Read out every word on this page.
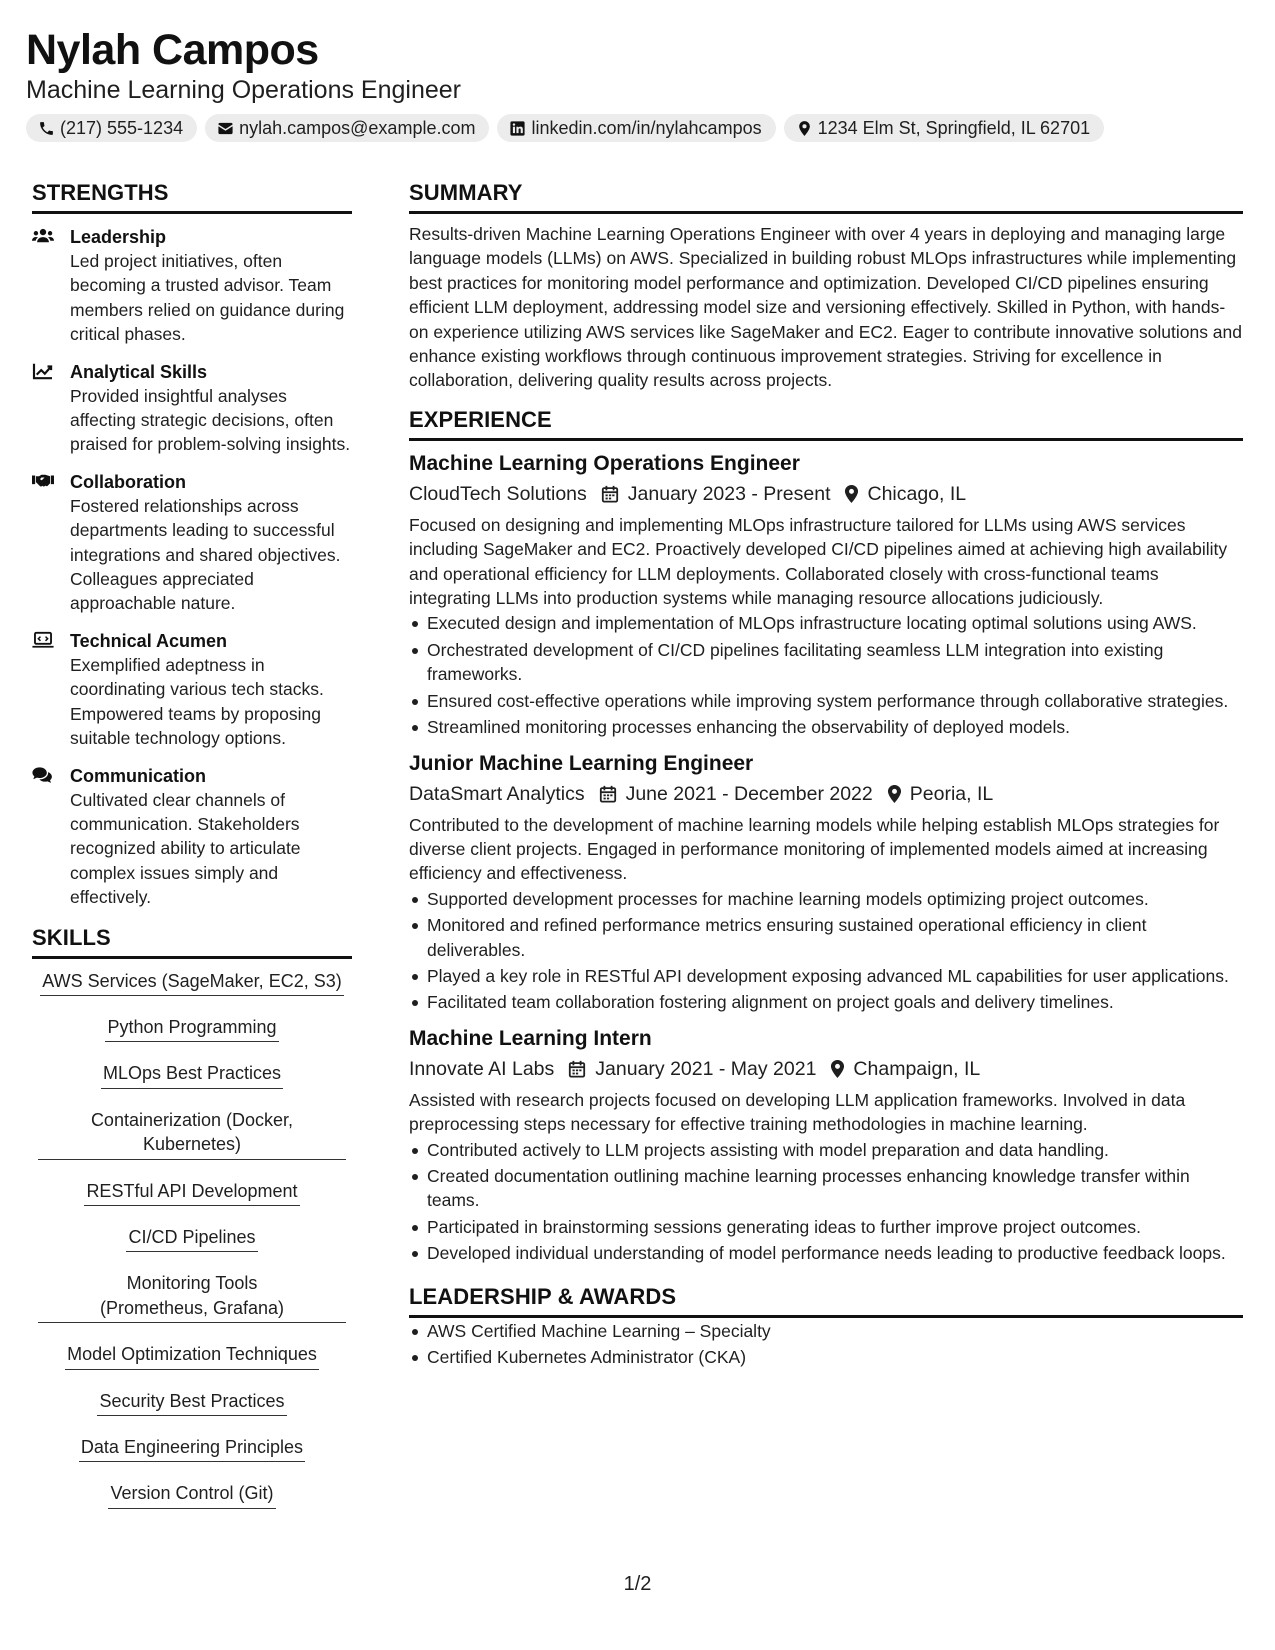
Nylah Campos
Machine Learning Operations Engineer
(217) 555-1234	nylah.campos@example.com	linkedin.com/in/nylahcampos	1234 Elm St, Springfield, IL 62701
STRENGTHS
Leadership
Led project initiatives, often becoming a trusted advisor. Team members relied on guidance during critical phases.
Analytical Skills
Provided insightful analyses affecting strategic decisions, often praised for problem-solving insights.
Collaboration
Fostered relationships across departments leading to successful integrations and shared objectives. Colleagues appreciated approachable nature.
Technical Acumen
Exemplified adeptness in coordinating various tech stacks. Empowered teams by proposing suitable technology options.
Communication
Cultivated clear channels of communication. Stakeholders recognized ability to articulate complex issues simply and effectively.
SKILLS
AWS Services (SageMaker, EC2, S3)
Python Programming
MLOps Best Practices
Containerization (Docker, Kubernetes)
RESTful API Development
CI/CD Pipelines
Monitoring Tools (Prometheus, Grafana)
Model Optimization Techniques
Security Best Practices
Data Engineering Principles
Version Control (Git)
SUMMARY
Results-driven Machine Learning Operations Engineer with over 4 years in deploying and managing large language models (LLMs) on AWS. Specialized in building robust MLOps infrastructures while implementing best practices for monitoring model performance and optimization. Developed CI/CD pipelines ensuring efficient LLM deployment, addressing model size and versioning effectively. Skilled in Python, with hands-on experience utilizing AWS services like SageMaker and EC2. Eager to contribute innovative solutions and enhance existing workflows through continuous improvement strategies. Striving for excellence in collaboration, delivering quality results across projects.
EXPERIENCE
Machine Learning Operations Engineer
CloudTech Solutions January 2023 - Present Chicago, IL
Focused on designing and implementing MLOps infrastructure tailored for LLMs using AWS services including SageMaker and EC2. Proactively developed CI/CD pipelines aimed at achieving high availability and operational efficiency for LLM deployments. Collaborated closely with cross-functional teams integrating LLMs into production systems while managing resource allocations judiciously.
Executed design and implementation of MLOps infrastructure locating optimal solutions using AWS.
Orchestrated development of CI/CD pipelines facilitating seamless LLM integration into existing frameworks.
Ensured cost-effective operations while improving system performance through collaborative strategies.
Streamlined monitoring processes enhancing the observability of deployed models.
Junior Machine Learning Engineer
DataSmart Analytics June 2021 - December 2022 Peoria, IL
Contributed to the development of machine learning models while helping establish MLOps strategies for diverse client projects. Engaged in performance monitoring of implemented models aimed at increasing efficiency and effectiveness.
Supported development processes for machine learning models optimizing project outcomes.
Monitored and refined performance metrics ensuring sustained operational efficiency in client deliverables.
Played a key role in RESTful API development exposing advanced ML capabilities for user applications.
Facilitated team collaboration fostering alignment on project goals and delivery timelines.
Machine Learning Intern
Innovate AI Labs January 2021 - May 2021 Champaign, IL
Assisted with research projects focused on developing LLM application frameworks. Involved in data preprocessing steps necessary for effective training methodologies in machine learning.
Contributed actively to LLM projects assisting with model preparation and data handling.
Created documentation outlining machine learning processes enhancing knowledge transfer within teams.
Participated in brainstorming sessions generating ideas to further improve project outcomes.
Developed individual understanding of model performance needs leading to productive feedback loops.
LEADERSHIP & AWARDS
AWS Certified Machine Learning – Specialty
Certified Kubernetes Administrator (CKA)
1/2
